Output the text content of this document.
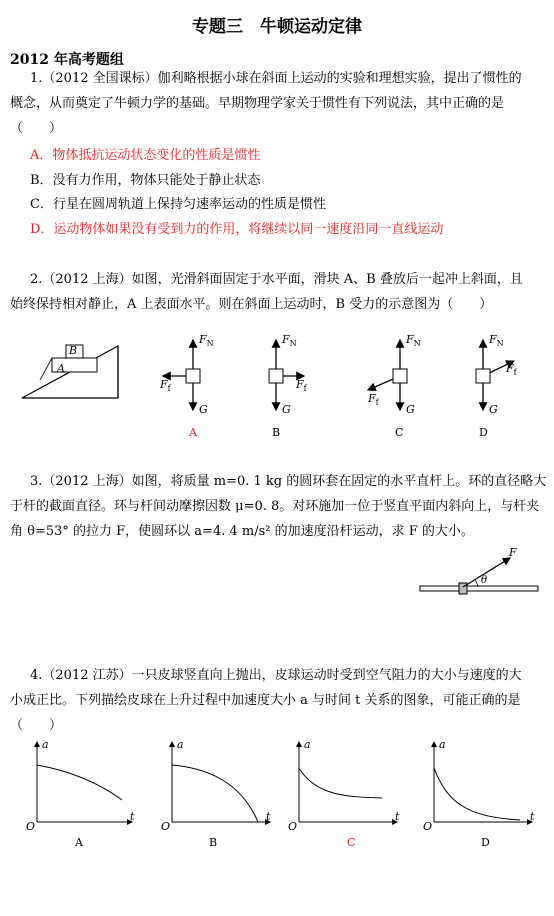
专题三　牛顿运动定律
2012 年高考题组
1.（2012 全国课标）伽利略根据小球在斜面上运动的实验和理想实验，提出了惯性的
概念，从而奠定了牛顿力学的基础。早期物理学家关于惯性有下列说法，其中正确的是
（　　）
A．物体抵抗运动状态变化的性质是惯性
B．没有力作用，物体只能处于静止状态
C．行星在圆周轨道上保持匀速率运动的性质是惯性
D．运动物体如果没有受到力的作用，将继续以同一速度沿同一直线运动
2.（2012 上海）如图，光滑斜面固定于水平面，滑块 A、B 叠放后一起冲上斜面，且
始终保持相对静止，A 上表面水平。则在斜面上运动时，B 受力的示意图为（　　）
B
A
$F_N$
$F_f$
G
$F_N$
$F_f$
G
$F_N$
$F_f$
G
$F_N$
$F_f$
G
A	B	C	D
3.（2012 上海）如图，将质量 m=0. 1 kg 的圆环套在固定的水平直杆上。环的直径略大
于杆的截面直径。环与杆间动摩擦因数 μ=0. 8。对环施加一位于竖直平面内斜向上，与杆夹
角 θ=53° 的拉力 F，使圆环以 a=4. 4 m/s² 的加速度沿杆运动，求 F 的大小。
F
θ
4.（2012 江苏）一只皮球竖直向上抛出，皮球运动时受到空气阻力的大小与速度的大
小成正比。下列描绘皮球在上升过程中加速度大小 a 与时间 t 关系的图象，可能正确的是
（　　）
a
t
O
a
t
O
a
t
O
a
t
O
A	B	C	D
